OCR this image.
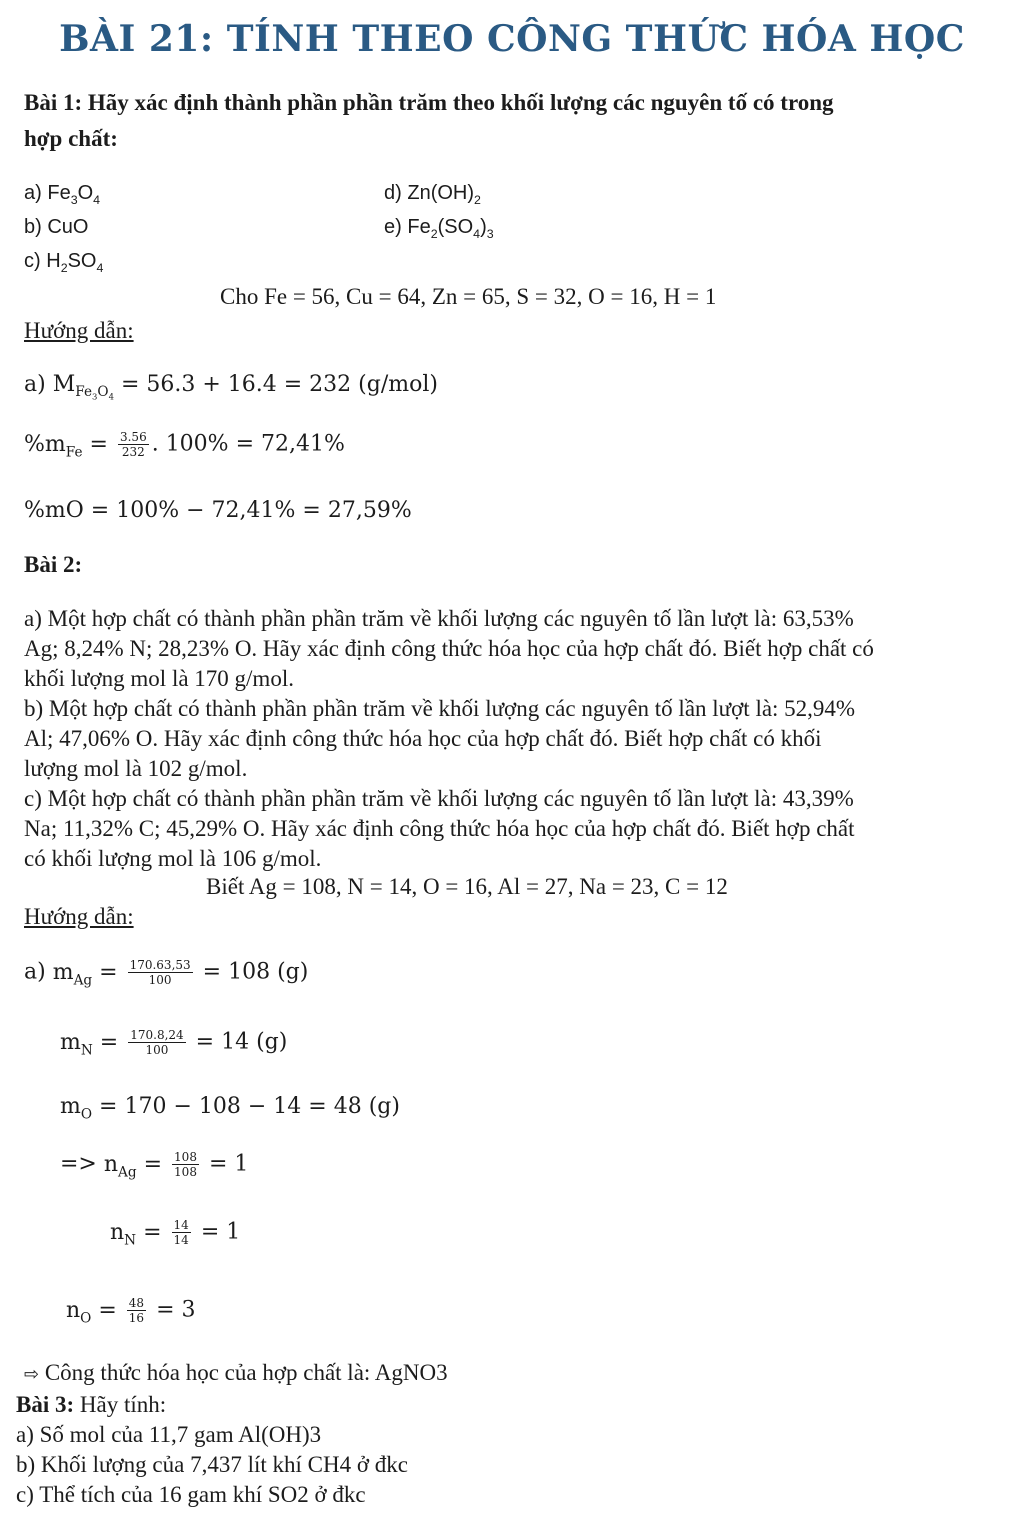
BÀI 21: TÍNH THEO CÔNG THỨC HÓA HỌC
Bài 1: Hãy xác định thành phần phần trăm theo khối lượng các nguyên tố có trong
hợp chất:
a) $Fe_3O_4$
b) CuO
c) $H_2SO_4$
d) $Zn(OH)_2$
e) $Fe_2(SO_4)_3$
Cho Fe = 56, Cu = 64, Zn = 65, S = 32, O = 16, H = 1
Hướng dẫn:
a) $M_{Fe_3O_4} = 56.3 + 16.4 = 232$ (g/mol)
$\%m_{Fe} = \frac{3.56}{232}$ . 100% = 72,41%
%mO = 100% − 72,41% = 27,59%
Bài 2:
a) Một hợp chất có thành phần phần trăm về khối lượng các nguyên tố lần lượt là: 63,53%
Ag; 8,24% N; 28,23% O. Hãy xác định công thức hóa học của hợp chất đó. Biết hợp chất có
khối lượng mol là 170 g/mol.
b) Một hợp chất có thành phần phần trăm về khối lượng các nguyên tố lần lượt là: 52,94%
Al; 47,06% O. Hãy xác định công thức hóa học của hợp chất đó. Biết hợp chất có khối
lượng mol là 102 g/mol.
c) Một hợp chất có thành phần phần trăm về khối lượng các nguyên tố lần lượt là: 43,39%
Na; 11,32% C; 45,29% O. Hãy xác định công thức hóa học của hợp chất đó. Biết hợp chất
có khối lượng mol là 106 g/mol.
Biết Ag = 108, N = 14, O = 16, Al = 27, Na = 23, C = 12
Hướng dẫn:
a) $m_{Ag} = \frac{170.63,53}{100} = 108$ (g)
$m_N = \frac{170.8,24}{100} = 14$ (g)
$m_O = 170 - 108 - 14 = 48$ (g)
=> $n_{Ag} = \frac{108}{108} = 1$
$n_N = \frac{14}{14} = 1$
$n_O = \frac{48}{16} = 3$
⇨ Công thức hóa học của hợp chất là: AgNO3
Bài 3: Hãy tính:
a) Số mol của 11,7 gam Al(OH)3
b) Khối lượng của 7,437 lít khí CH4 ở đkc
c) Thể tích của 16 gam khí SO2 ở đkc
